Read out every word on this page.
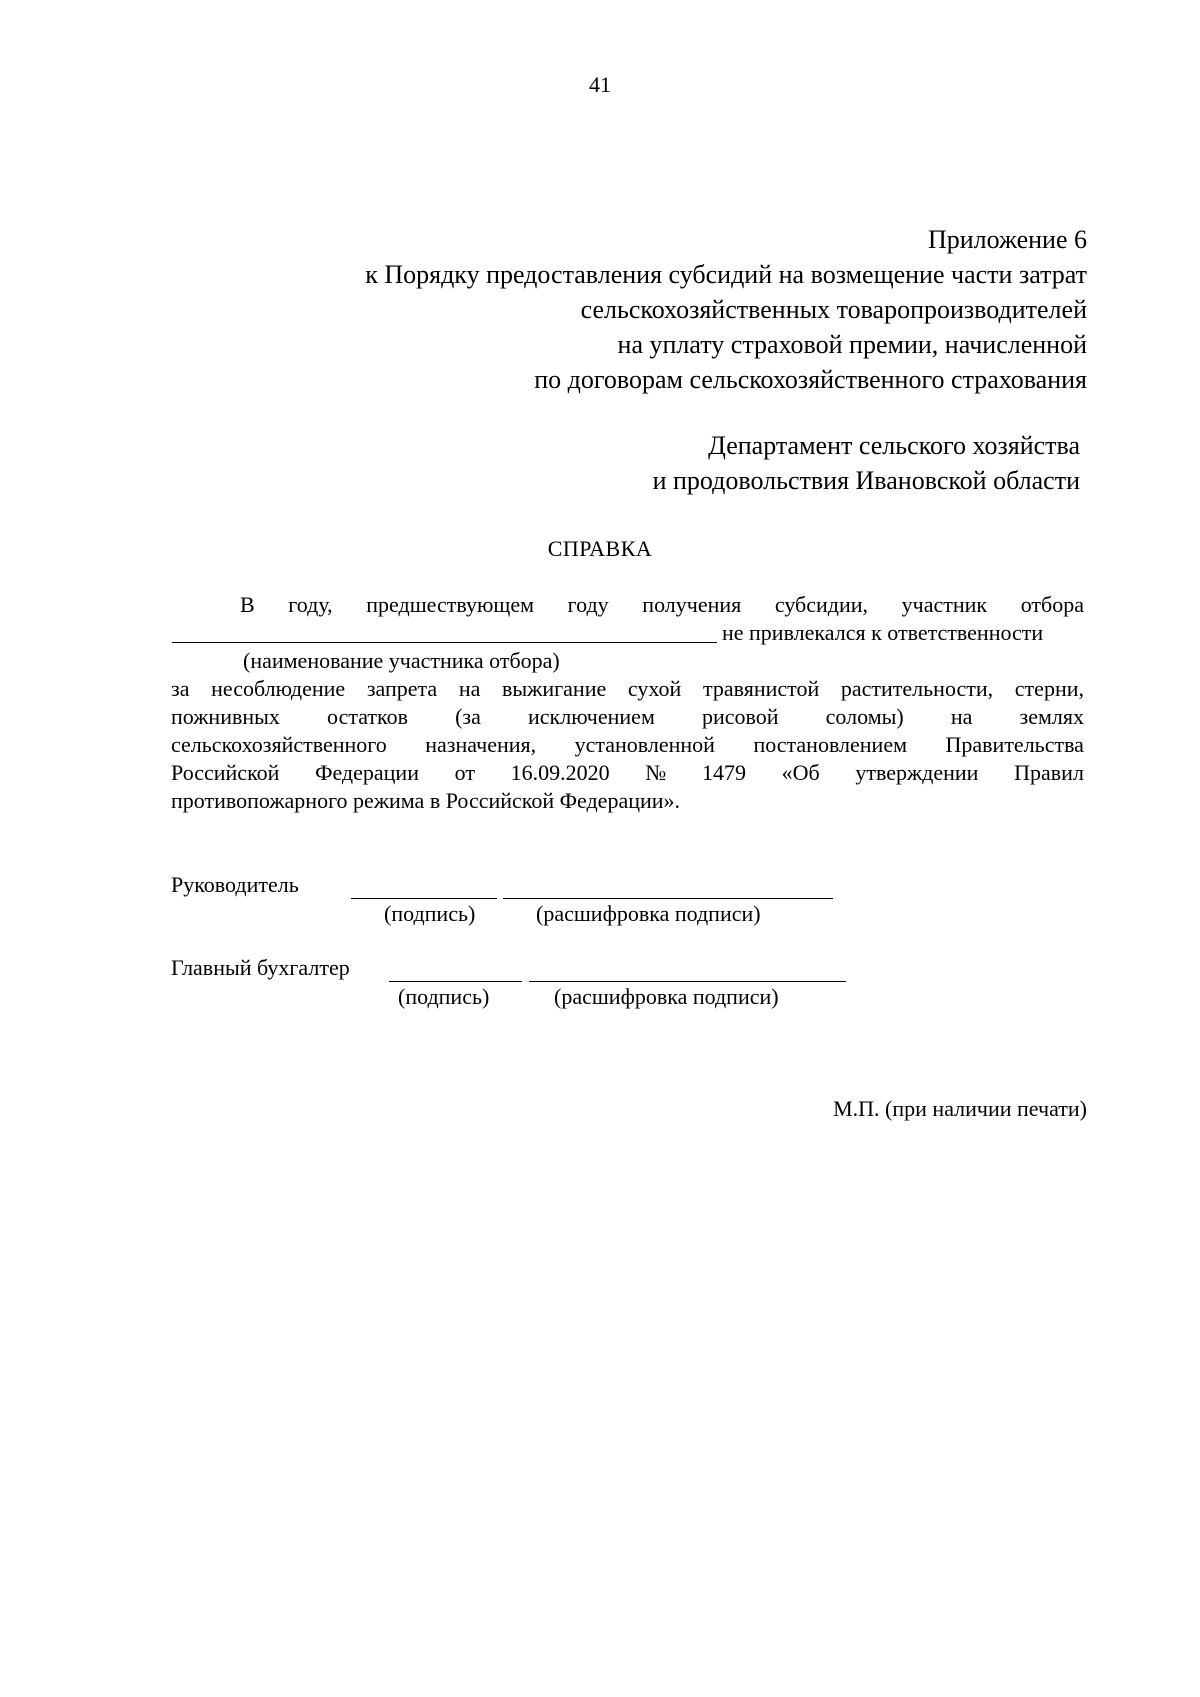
41
Приложение 6
к Порядку предоставления субсидий на возмещение части затрат
сельскохозяйственных товаропроизводителей
на уплату страховой премии, начисленной
по договорам сельскохозяйственного страхования
Департамент сельского хозяйства
и продовольствия Ивановской области
СПРАВКА
В году, предшествующем году получения субсидии, участник отбора
не привлекался к ответственности
(наименование участника отбора)
за несоблюдение запрета на выжигание сухой травянистой растительности, стерни,
пожнивных остатков (за исключением рисовой соломы) на землях
сельскохозяйственного назначения, установленной постановлением Правительства
Российской Федерации от 16.09.2020 № 1479 «Об утверждении Правил
противопожарного режима в Российской Федерации».
Руководитель
(подпись)	(расшифровка подписи)
Главный бухгалтер
(подпись)	(расшифровка подписи)
М.П. (при наличии печати)
